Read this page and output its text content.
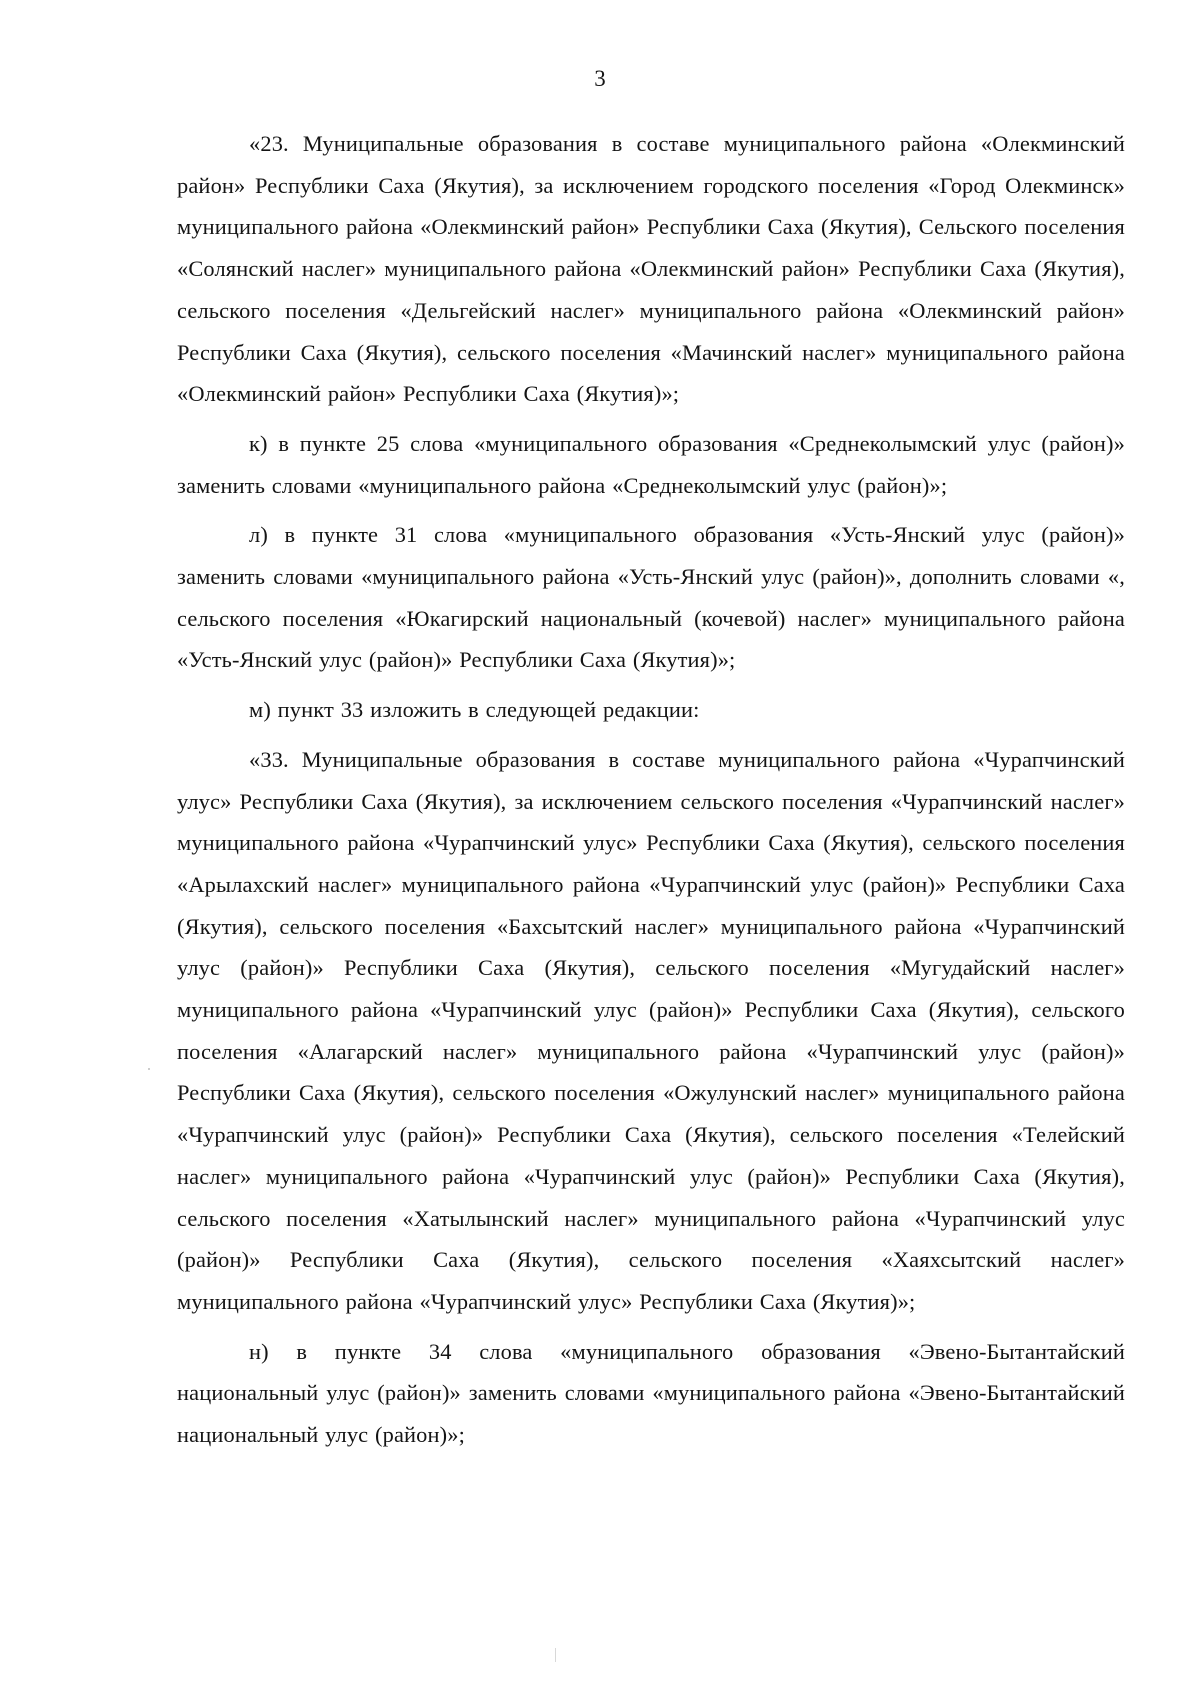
3

«23. Муниципальные образования в составе муниципального района «Олекминский район» Республики Саха (Якутия), за исключением городского поселения «Город Олекминск» муниципального района «Олекминский район» Республики Саха (Якутия), Сельского поселения «Солянский наслег» муниципального района «Олекминский район» Республики Саха (Якутия), сельского поселения «Дельгейский наслег» муниципального района «Олекминский район» Республики Саха (Якутия), сельского поселения «Мачинский наслег» муниципального района «Олекминский район» Республики Саха (Якутия)»;

к) в пункте 25 слова «муниципального образования «Среднеколымский улус (район)» заменить словами «муниципального района «Среднеколымский улус (район)»;

л) в пункте 31 слова «муниципального образования «Усть-Янский улус (район)» заменить словами «муниципального района «Усть-Янский улус (район)», дополнить словами «, сельского поселения «Юкагирский национальный (кочевой) наслег» муниципального района «Усть-Янский улус (район)» Республики Саха (Якутия)»;

м) пункт 33 изложить в следующей редакции:

«33. Муниципальные образования в составе муниципального района «Чурапчинский улус» Республики Саха (Якутия), за исключением сельского поселения «Чурапчинский наслег» муниципального района «Чурапчинский улус» Республики Саха (Якутия), сельского поселения «Арылахский наслег» муниципального района «Чурапчинский улус (район)» Республики Саха (Якутия), сельского поселения «Бахсытский наслег» муниципального района «Чурапчинский улус (район)» Республики Саха (Якутия), сельского поселения «Мугудайский наслег» муниципального района «Чурапчинский улус (район)» Республики Саха (Якутия), сельского поселения «Алагарский наслег» муниципального района «Чурапчинский улус (район)» Республики Саха (Якутия), сельского поселения «Ожулунский наслег» муниципального района «Чурапчинский улус (район)» Республики Саха (Якутия), сельского поселения «Телейский наслег» муниципального района «Чурапчинский улус (район)» Республики Саха (Якутия), сельского поселения «Хатылынский наслег» муниципального района «Чурапчинский улус (район)» Республики Саха (Якутия), сельского поселения «Хаяхсытский наслег» муниципального района «Чурапчинский улус» Республики Саха (Якутия)»;

н) в пункте 34 слова «муниципального образования «Эвено-Бытантайский национальный улус (район)» заменить словами «муниципального района «Эвено-Бытантайский национальный улус (район)»;
